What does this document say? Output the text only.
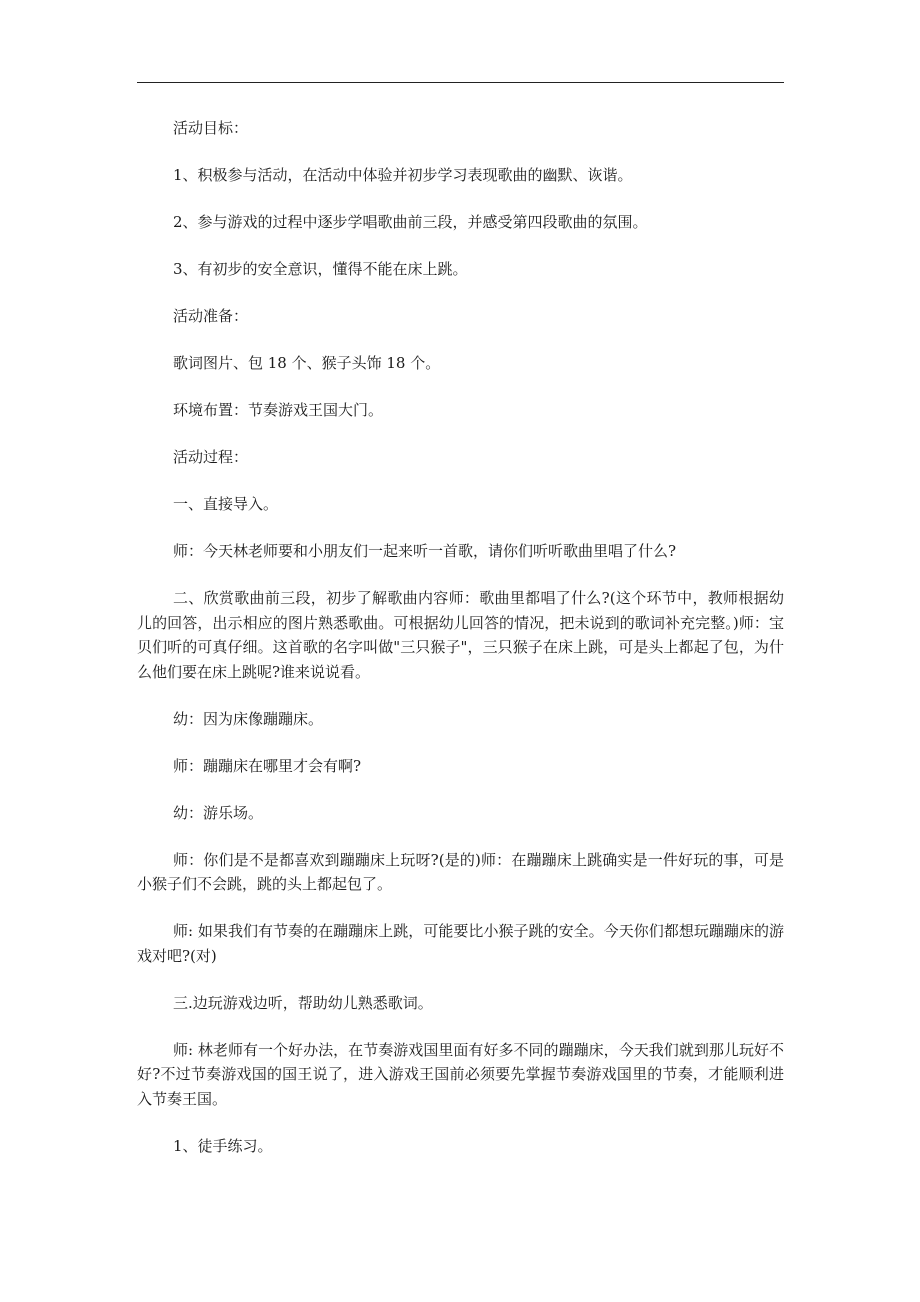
活动目标：

1、积极参与活动，在活动中体验并初步学习表现歌曲的幽默、诙谐。

2、参与游戏的过程中逐步学唱歌曲前三段，并感受第四段歌曲的氛围。

3、有初步的安全意识，懂得不能在床上跳。

活动准备：

歌词图片、包 18 个、猴子头饰 18 个。

环境布置：节奏游戏王国大门。

活动过程：

一、直接导入。

师：今天林老师要和小朋友们一起来听一首歌，请你们听听歌曲里唱了什么?

二、欣赏歌曲前三段，初步了解歌曲内容师：歌曲里都唱了什么?(这个环节中，教师根据幼儿的回答，出示相应的图片熟悉歌曲。可根据幼儿回答的情况，把未说到的歌词补充完整。)师：宝贝们听的可真仔细。这首歌的名字叫做"三只猴子"，三只猴子在床上跳，可是头上都起了包，为什么他们要在床上跳呢?谁来说说看。

幼：因为床像蹦蹦床。

师：蹦蹦床在哪里才会有啊?

幼：游乐场。

师：你们是不是都喜欢到蹦蹦床上玩呀?(是的)师：在蹦蹦床上跳确实是一件好玩的事，可是小猴子们不会跳，跳的头上都起包了。

师: 如果我们有节奏的在蹦蹦床上跳，可能要比小猴子跳的安全。今天你们都想玩蹦蹦床的游戏对吧?(对)

三.边玩游戏边听，帮助幼儿熟悉歌词。

师: 林老师有一个好办法，在节奏游戏国里面有好多不同的蹦蹦床，今天我们就到那儿玩好不好?不过节奏游戏国的国王说了，进入游戏王国前必须要先掌握节奏游戏国里的节奏，才能顺利进入节奏王国。

1、徒手练习。
